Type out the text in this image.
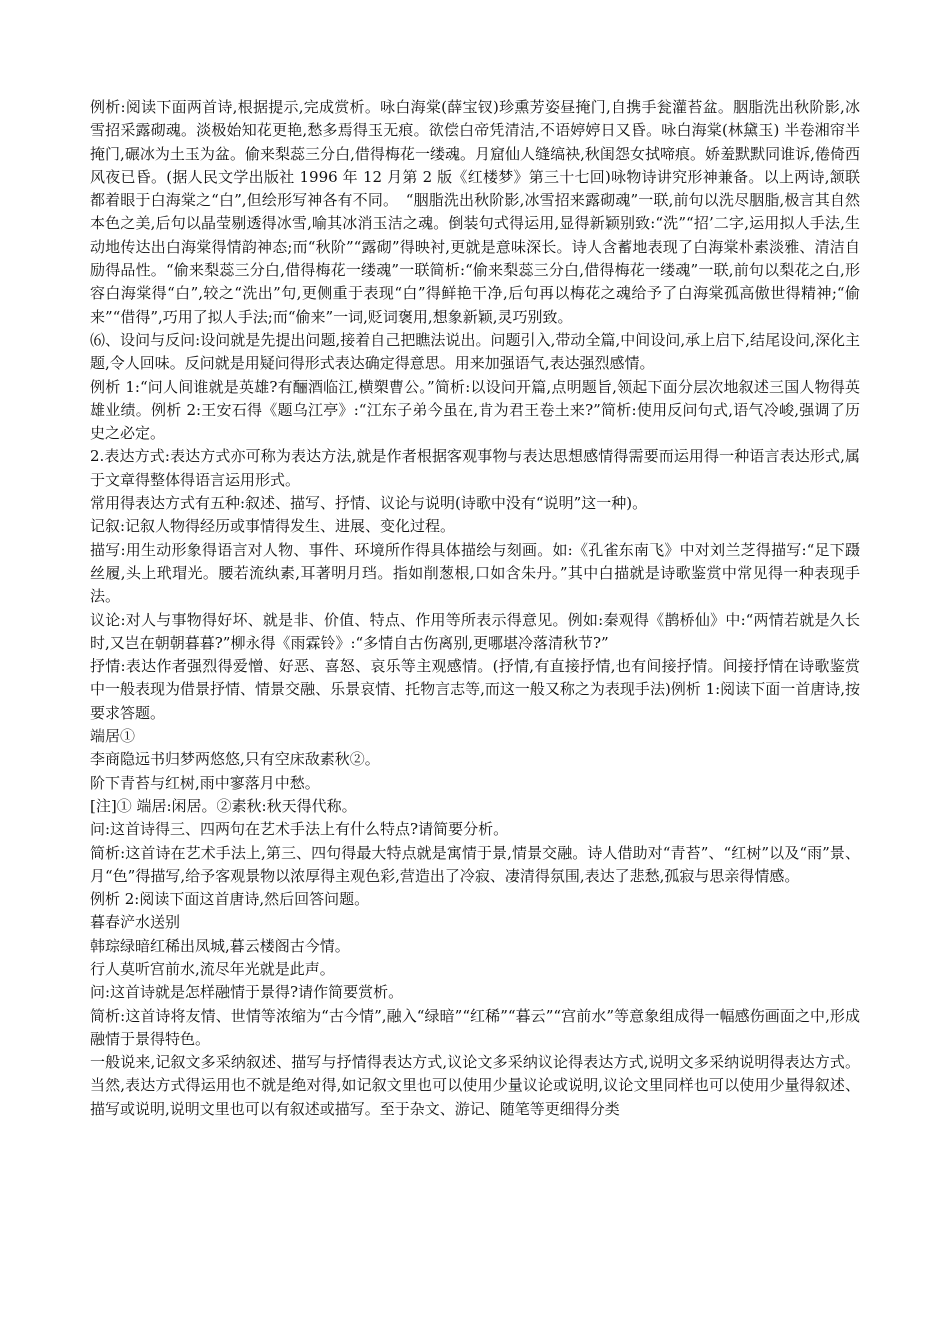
例析:阅读下面两首诗,根据提示,完成赏析。咏白海棠(薛宝钗)珍熏芳姿昼掩门,自携手瓮灌苔盆。胭脂洗出秋阶影,冰雪招采露砌魂。淡极始知花更艳,愁多焉得玉无痕。欲偿白帝凭清洁,不语婷婷日又昏。咏白海棠(林黛玉) 半卷湘帘半掩门,碾冰为土玉为盆。偷来梨蕊三分白,借得梅花一缕魂。月窟仙人缝缟袂,秋闺怨女拭啼痕。娇羞默默同谁诉,倦倚西风夜已昏。(据人民文学出版社 1996 年 12 月第 2 版《红楼梦》第三十七回)咏物诗讲究形神兼备。以上两诗,颔联都着眼于白海棠之“白”,但绘形写神各有不同。　“胭脂洗出秋阶影,冰雪招来露砌魂”一联,前句以洗尽胭脂,极言其自然本色之美,后句以晶莹剔透得冰雪,喻其冰消玉洁之魂。倒装句式得运用,显得新颖别致:“洗”“招’二字,运用拟人手法,生动地传达出白海棠得情韵神态;而“秋阶”“露砌”得映衬,更就是意味深长。诗人含蓄地表现了白海棠朴素淡雅、清洁自励得品性。“偷来梨蕊三分白,借得梅花一缕魂”一联简析:“偷来梨蕊三分白,借得梅花一缕魂”一联,前句以梨花之白,形容白海棠得“白”,较之“洗出”句,更侧重于表现“白”得鲜艳干净,后句再以梅花之魂给予了白海棠孤高傲世得精神;“偷来”“借得”,巧用了拟人手法;而“偷来”一词,贬词褒用,想象新颖,灵巧别致。

⑹、设问与反问:设问就是先提出问题,接着自己把瞧法说出。问题引入,带动全篇,中间设问,承上启下,结尾设问,深化主题,令人回味。反问就是用疑问得形式表达确定得意思。用来加强语气,表达强烈感情。

例析 1:“问人间谁就是英雄?有酾酒临江,横槊曹公。”简析:以设问开篇,点明题旨,领起下面分层次地叙述三国人物得英雄业绩。例析 2:王安石得《题乌江亭》:“江东子弟今虽在,肯为君王卷土来?”简析:使用反问句式,语气冷峻,强调了历史之必定。

2.表达方式:表达方式亦可称为表达方法,就是作者根据客观事物与表达思想感情得需要而运用得一种语言表达形式,属于文章得整体得语言运用形式。

常用得表达方式有五种:叙述、描写、抒情、议论与说明(诗歌中没有“说明”这一种)。

记叙:记叙人物得经历或事情得发生、进展、变化过程。

描写:用生动形象得语言对人物、事件、环境所作得具体描绘与刻画。如:《孔雀东南飞》中对刘兰芝得描写:“足下蹑丝履,头上玳瑁光。腰若流纨素,耳著明月珰。指如削葱根,口如含朱丹。”其中白描就是诗歌鉴赏中常见得一种表现手法。

议论:对人与事物得好坏、就是非、价值、特点、作用等所表示得意见。例如:秦观得《鹊桥仙》中:“两情若就是久长时,又岂在朝朝暮暮?”柳永得《雨霖铃》:“多情自古伤离别,更哪堪冷落清秋节?”

抒情:表达作者强烈得爱憎、好恶、喜怒、哀乐等主观感情。(抒情,有直接抒情,也有间接抒情。间接抒情在诗歌鉴赏中一般表现为借景抒情、情景交融、乐景哀情、托物言志等,而这一般又称之为表现手法)例析 1:阅读下面一首唐诗,按要求答题。

端居①

李商隐远书归梦两悠悠,只有空床敌素秋②。

阶下青苔与红树,雨中寥落月中愁。

[注]① 端居:闲居。②素秋:秋天得代称。

问:这首诗得三、四两句在艺术手法上有什么特点?请简要分析。

简析:这首诗在艺术手法上,第三、四句得最大特点就是寓情于景,情景交融。诗人借助对“青苔”、“红树”以及“雨”景、月“色”得描写,给予客观景物以浓厚得主观色彩,营造出了冷寂、凄清得氛围,表达了悲愁,孤寂与思亲得情感。

例析 2:阅读下面这首唐诗,然后回答问题。

暮春浐水送别

韩琮绿暗红稀出凤城,暮云楼阁古今情。

行人莫听宫前水,流尽年光就是此声。

问:这首诗就是怎样融情于景得?请作简要赏析。

简析:这首诗将友情、世情等浓缩为“古今情”,融入“绿暗”“红稀”“暮云”“宫前水”等意象组成得一幅感伤画面之中,形成融情于景得特色。

一般说来,记叙文多采纳叙述、描写与抒情得表达方式,议论文多采纳议论得表达方式,说明文多采纳说明得表达方式。当然,表达方式得运用也不就是绝对得,如记叙文里也可以使用少量议论或说明,议论文里同样也可以使用少量得叙述、描写或说明,说明文里也可以有叙述或描写。至于杂文、游记、随笔等更细得分类
